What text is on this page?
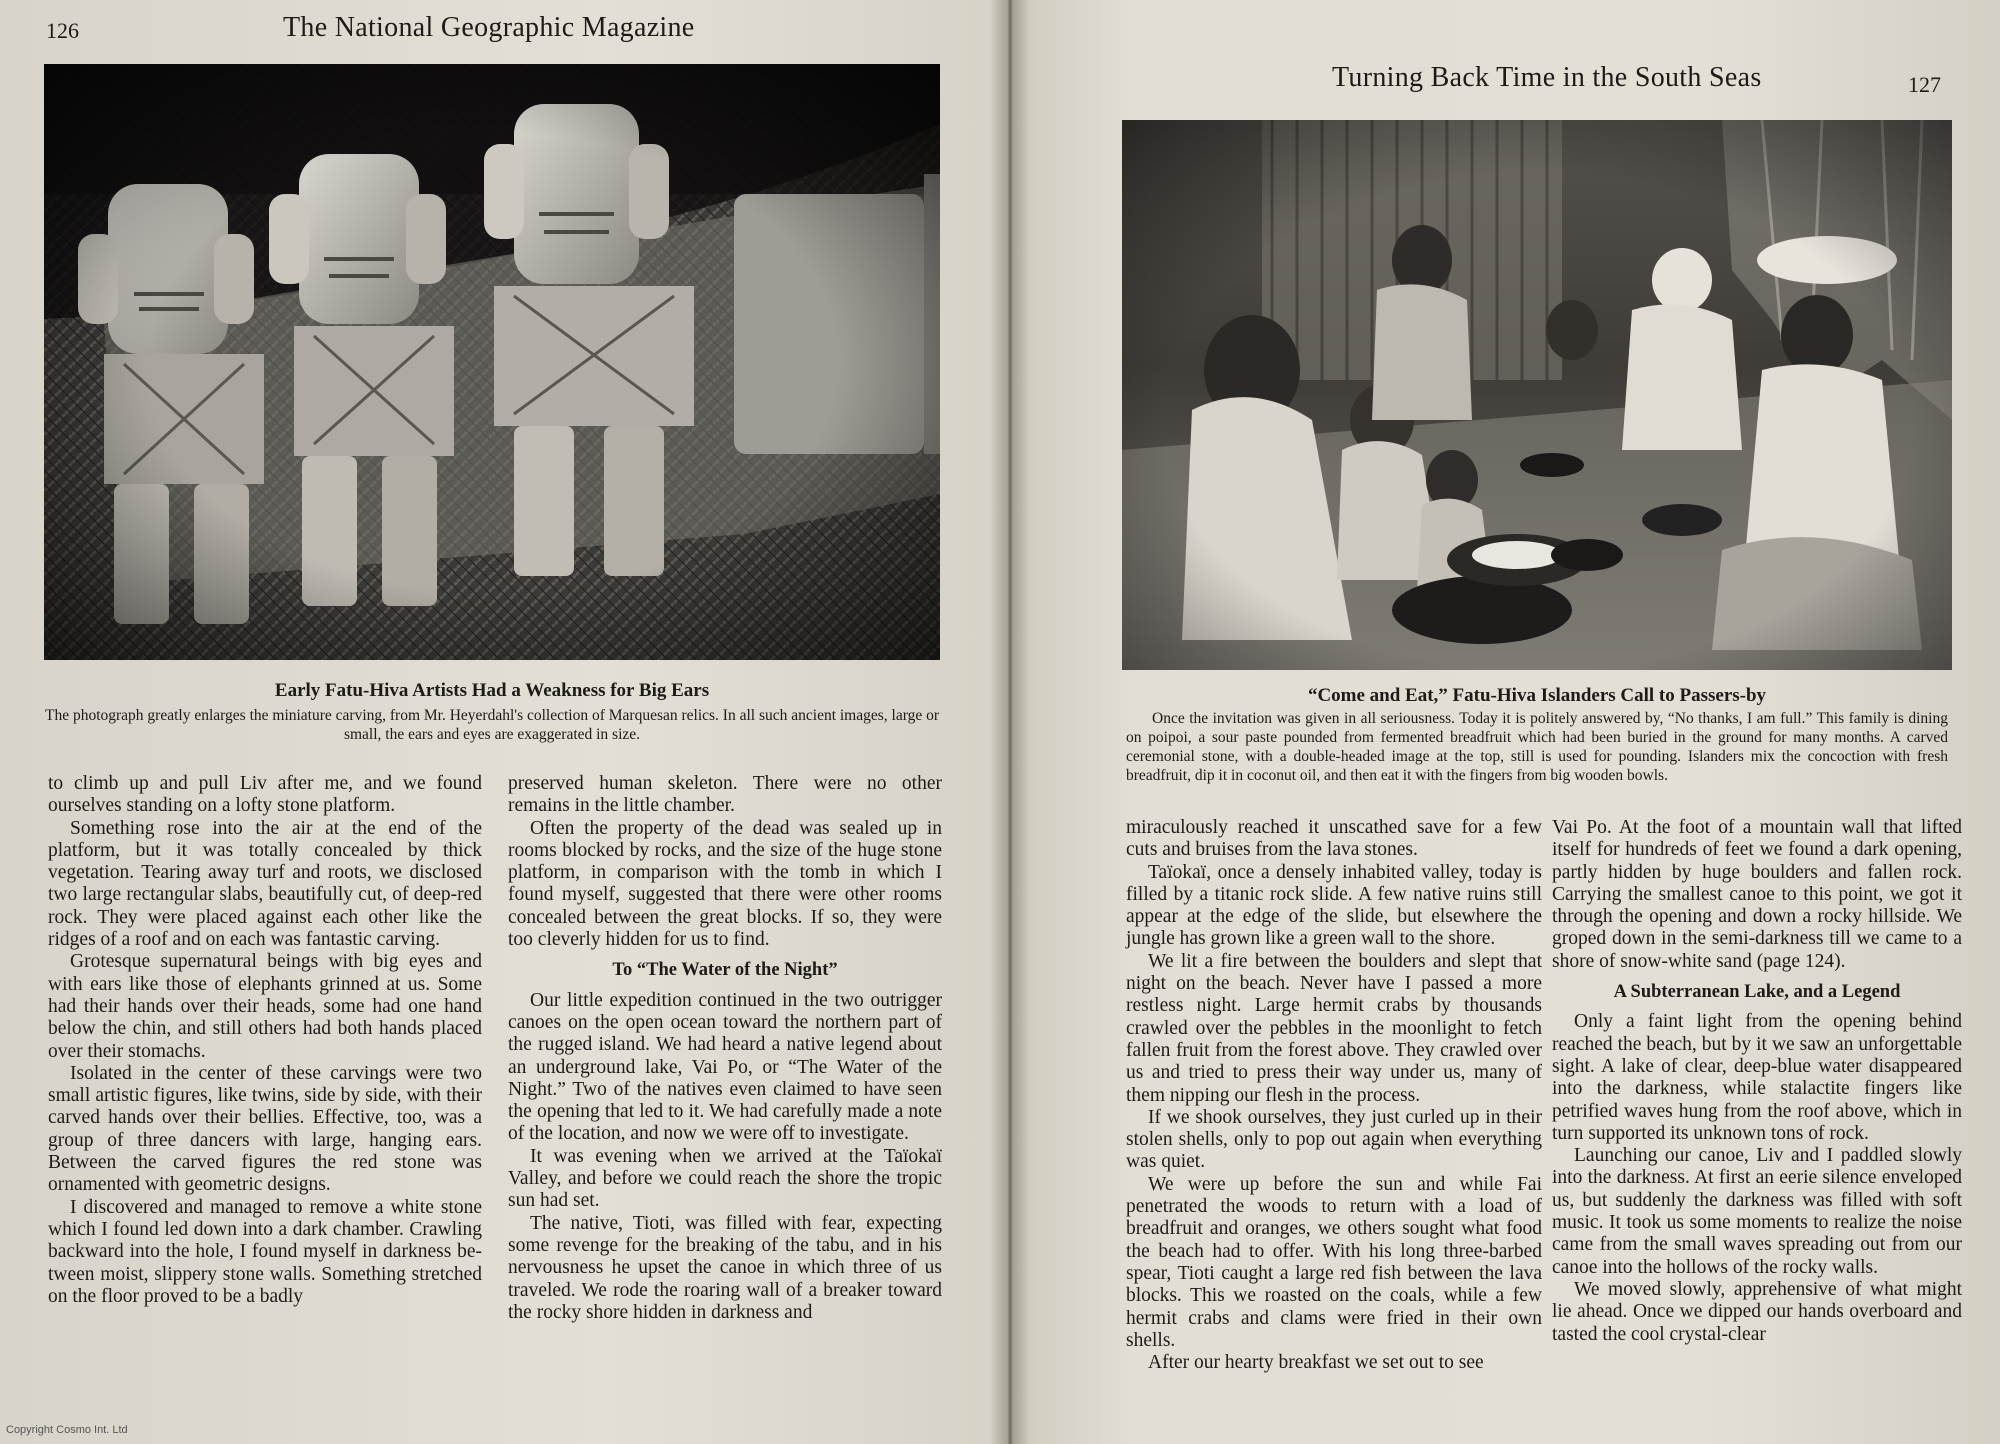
126	The National Geographic Magazine
Early Fatu-Hiva Artists Had a Weakness for Big Ears
The photograph greatly enlarges the miniature carving, from Mr. Heyerdahl's collection of Marquesan relics. In all such ancient images, large or small, the ears and eyes are exaggerated in size.

to climb up and pull Liv after me, and we found ourselves standing on a lofty stone platform.

Something rose into the air at the end of the platform, but it was totally concealed by thick vegetation. Tearing away turf and roots, we disclosed two large rectangular slabs, beautifully cut, of deep-red rock. They were placed against each other like the ridges of a roof and on each was fantastic carving.

Grotesque supernatural beings with big eyes and with ears like those of elephants grinned at us. Some had their hands over their heads, some had one hand below the chin, and still others had both hands placed over their stomachs.

Isolated in the center of these carvings were two small artistic figures, like twins, side by side, with their carved hands over their bellies. Effective, too, was a group of three dancers with large, hanging ears. Between the carved figures the red stone was ornamented with geometric designs.

I discovered and managed to remove a white stone which I found led down into a dark chamber. Crawling backward into the hole, I found myself in darkness between moist, slippery stone walls. Something stretched on the floor proved to be a badly

preserved human skeleton. There were no other remains in the little chamber.

Often the property of the dead was sealed up in rooms blocked by rocks, and the size of the huge stone platform, in comparison with the tomb in which I found myself, suggested that there were other rooms concealed between the great blocks. If so, they were too cleverly hidden for us to find.

To “The Water of the Night”

Our little expedition continued in the two outrigger canoes on the open ocean toward the northern part of the rugged island. We had heard a native legend about an underground lake, Vai Po, or “The Water of the Night.” Two of the natives even claimed to have seen the opening that led to it. We had carefully made a note of the location, and now we were off to investigate.

It was evening when we arrived at the Taïokaï Valley, and before we could reach the shore the tropic sun had set.

The native, Tioti, was filled with fear, expecting some revenge for the breaking of the tabu, and in his nervousness he upset the canoe in which three of us traveled. We rode the roaring wall of a breaker toward the rocky shore hidden in darkness and

Copyright Cosmo Int. Ltd
Turning Back Time in the South Seas	127
“Come and Eat,” Fatu-Hiva Islanders Call to Passers-by
Once the invitation was given in all seriousness. Today it is politely answered by, “No thanks, I am full.” This family is dining on poipoi, a sour paste pounded from fermented breadfruit which had been buried in the ground for many months. A carved ceremonial stone, with a double-headed image at the top, still is used for pounding. Islanders mix the concoction with fresh breadfruit, dip it in coconut oil, and then eat it with the fingers from big wooden bowls.

miraculously reached it unscathed save for a few cuts and bruises from the lava stones.

Taïokaï, once a densely inhabited valley, today is filled by a titanic rock slide. A few native ruins still appear at the edge of the slide, but elsewhere the jungle has grown like a green wall to the shore.

We lit a fire between the boulders and slept that night on the beach. Never have I passed a more restless night. Large hermit crabs by thousands crawled over the pebbles in the moonlight to fetch fallen fruit from the forest above. They crawled over us and tried to press their way under us, many of them nipping our flesh in the process.

If we shook ourselves, they just curled up in their stolen shells, only to pop out again when everything was quiet.

We were up before the sun and while Fai penetrated the woods to return with a load of breadfruit and oranges, we others sought what food the beach had to offer. With his long three-barbed spear, Tioti caught a large red fish between the lava blocks. This we roasted on the coals, while a few hermit crabs and clams were fried in their own shells.

After our hearty breakfast we set out to see

Vai Po. At the foot of a mountain wall that lifted itself for hundreds of feet we found a dark opening, partly hidden by huge boulders and fallen rock. Carrying the smallest canoe to this point, we got it through the opening and down a rocky hillside. We groped down in the semi-darkness till we came to a shore of snow-white sand (page 124).

A Subterranean Lake, and a Legend

Only a faint light from the opening behind reached the beach, but by it we saw an unforgettable sight. A lake of clear, deep-blue water disappeared into the darkness, while stalactite fingers like petrified waves hung from the roof above, which in turn supported its unknown tons of rock.

Launching our canoe, Liv and I paddled slowly into the darkness. At first an eerie silence enveloped us, but suddenly the darkness was filled with soft music. It took us some moments to realize the noise came from the small waves spreading out from our canoe into the hollows of the rocky walls.

We moved slowly, apprehensive of what might lie ahead. Once we dipped our hands overboard and tasted the cool crystal-clear
